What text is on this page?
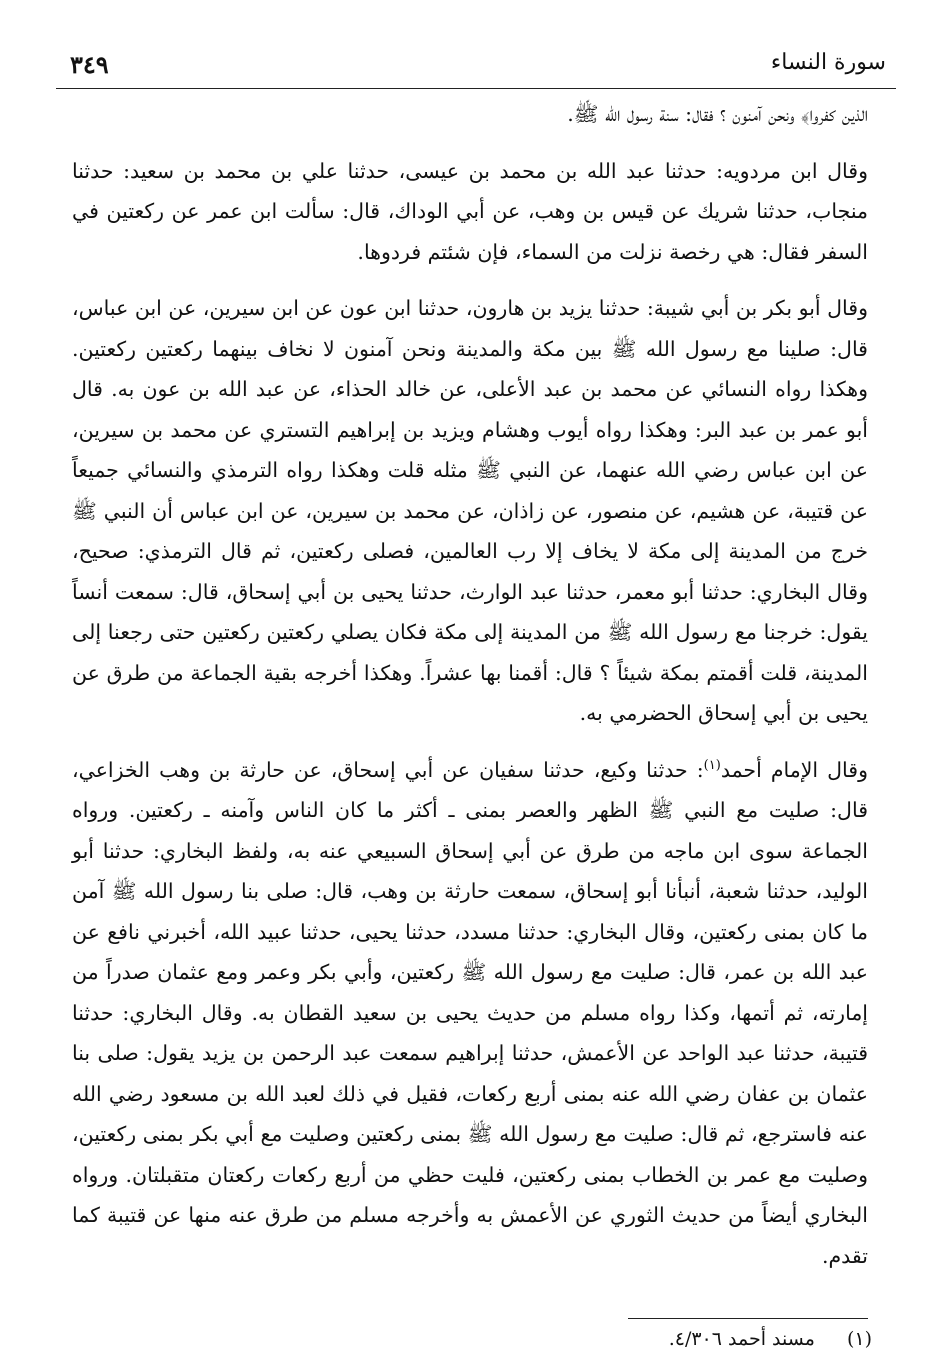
سورة النساء
٣٤٩

الذين كفروا﴾ ونحن آمنون ؟ فقال: سنة رسول الله ﷺ.

وقال ابن مردويه: حدثنا عبد الله بن محمد بن عيسى، حدثنا علي بن محمد بن سعيد: حدثنا منجاب، حدثنا شريك عن قيس بن وهب، عن أبي الوداك، قال: سألت ابن عمر عن ركعتين في السفر فقال: هي رخصة نزلت من السماء، فإن شئتم فردوها.

وقال أبو بكر بن أبي شيبة: حدثنا يزيد بن هارون، حدثنا ابن عون عن ابن سيرين، عن ابن عباس، قال: صلينا مع رسول الله ﷺ بين مكة والمدينة ونحن آمنون لا نخاف بينهما ركعتين ركعتين. وهكذا رواه النسائي عن محمد بن عبد الأعلى، عن خالد الحذاء، عن عبد الله بن عون به. قال أبو عمر بن عبد البر: وهكذا رواه أيوب وهشام ويزيد بن إبراهيم التستري عن محمد بن سيرين، عن ابن عباس رضي الله عنهما، عن النبي ﷺ مثله قلت وهكذا رواه الترمذي والنسائي جميعاً عن قتيبة، عن هشيم، عن منصور، عن زاذان، عن محمد بن سيرين، عن ابن عباس أن النبي ﷺ خرج من المدينة إلى مكة لا يخاف إلا رب العالمين، فصلى ركعتين، ثم قال الترمذي: صحيح، وقال البخاري: حدثنا أبو معمر، حدثنا عبد الوارث، حدثنا يحيى بن أبي إسحاق، قال: سمعت أنساً يقول: خرجنا مع رسول الله ﷺ من المدينة إلى مكة فكان يصلي ركعتين ركعتين حتى رجعنا إلى المدينة، قلت أقمتم بمكة شيئاً ؟ قال: أقمنا بها عشراً. وهكذا أخرجه بقية الجماعة من طرق عن يحيى بن أبي إسحاق الحضرمي به.

وقال الإمام أحمد$^{(١)}$: حدثنا وكيع، حدثنا سفيان عن أبي إسحاق، عن حارثة بن وهب الخزاعي، قال: صليت مع النبي ﷺ الظهر والعصر بمنى ـ أكثر ما كان الناس وآمنه ـ ركعتين. ورواه الجماعة سوى ابن ماجه من طرق عن أبي إسحاق السبيعي عنه به، ولفظ البخاري: حدثنا أبو الوليد، حدثنا شعبة، أنبأنا أبو إسحاق، سمعت حارثة بن وهب، قال: صلى بنا رسول الله ﷺ آمن ما كان بمنى ركعتين، وقال البخاري: حدثنا مسدد، حدثنا يحيى، حدثنا عبيد الله، أخبرني نافع عن عبد الله بن عمر، قال: صليت مع رسول الله ﷺ ركعتين، وأبي بكر وعمر ومع عثمان صدراً من إمارته، ثم أتمها، وكذا رواه مسلم من حديث يحيى بن سعيد القطان به. وقال البخاري: حدثنا قتيبة، حدثنا عبد الواحد عن الأعمش، حدثنا إبراهيم سمعت عبد الرحمن بن يزيد يقول: صلى بنا عثمان بن عفان رضي الله عنه بمنى أربع ركعات، فقيل في ذلك لعبد الله بن مسعود رضي الله عنه فاسترجع، ثم قال: صليت مع رسول الله ﷺ بمنى ركعتين وصليت مع أبي بكر بمنى ركعتين، وصليت مع عمر بن الخطاب بمنى ركعتين، فليت حظي من أربع ركعات ركعتان متقبلتان. ورواه البخاري أيضاً من حديث الثوري عن الأعمش به وأخرجه مسلم من طرق عنه منها عن قتيبة كما تقدم.

(١) مسند أحمد ٤/٣٠٦.
